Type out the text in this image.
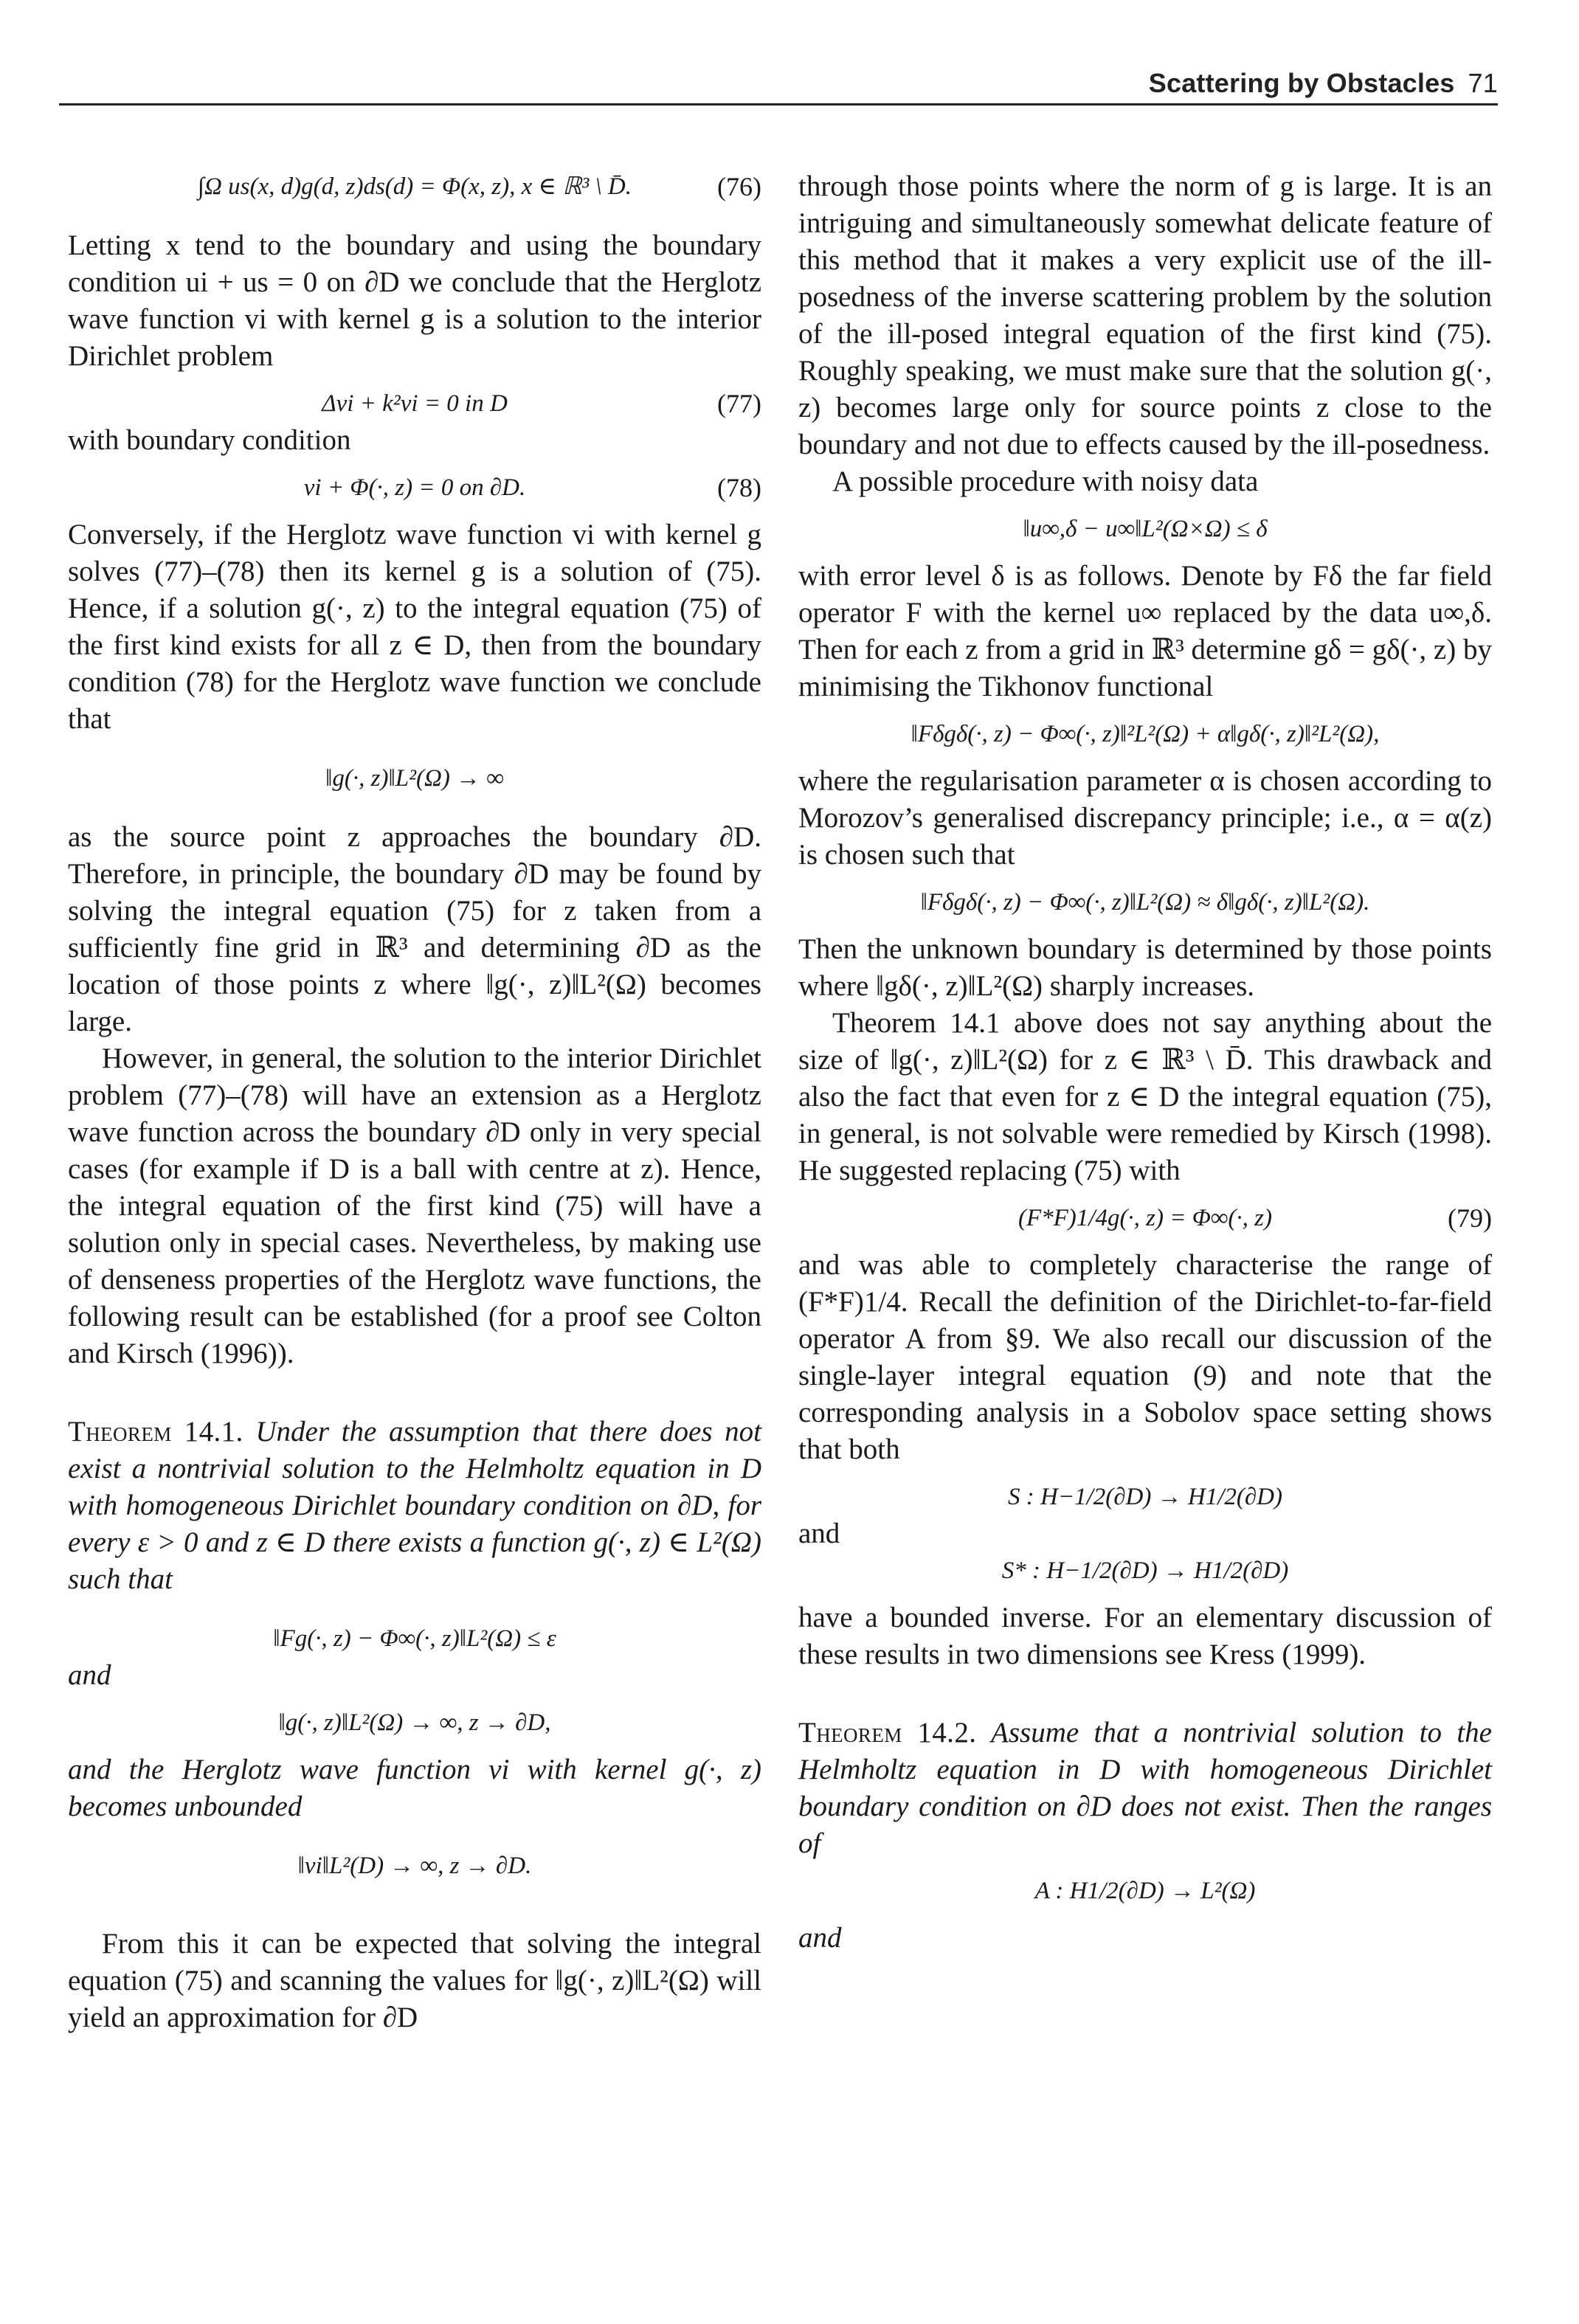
Scattering by Obstacles 71
∫Ω us(x, d)g(d, z)ds(d) = Φ(x, z), x ∈ ℝ³ \ D̄.	(76)

Letting x tend to the boundary and using the boundary condition ui + us = 0 on ∂D we conclude that the Herglotz wave function vi with kernel g is a solution to the interior Dirichlet problem

Δvi + k²vi = 0 in D	(77)

with boundary condition

vi + Φ(·, z) = 0 on ∂D.	(78)

Conversely, if the Herglotz wave function vi with kernel g solves (77)–(78) then its kernel g is a solution of (75). Hence, if a solution g(·, z) to the integral equation (75) of the first kind exists for all z ∈ D, then from the boundary condition (78) for the Herglotz wave function we conclude that

‖g(·, z)‖L²(Ω) → ∞

as the source point z approaches the boundary ∂D. Therefore, in principle, the boundary ∂D may be found by solving the integral equation (75) for z taken from a sufficiently fine grid in ℝ³ and determining ∂D as the location of those points z where ‖g(·, z)‖L²(Ω) becomes large.

However, in general, the solution to the interior Dirichlet problem (77)–(78) will have an extension as a Herglotz wave function across the boundary ∂D only in very special cases (for example if D is a ball with centre at z). Hence, the integral equation of the first kind (75) will have a solution only in special cases. Nevertheless, by making use of denseness properties of the Herglotz wave functions, the following result can be established (for a proof see Colton and Kirsch (1996)).

Theorem 14.1. Under the assumption that there does not exist a nontrivial solution to the Helmholtz equation in D with homogeneous Dirichlet boundary condition on ∂D, for every ε > 0 and z ∈ D there exists a function g(·, z) ∈ L²(Ω) such that

‖Fg(·, z) − Φ∞(·, z)‖L²(Ω) ≤ ε

and

‖g(·, z)‖L²(Ω) → ∞, z → ∂D,

and the Herglotz wave function vi with kernel g(·, z) becomes unbounded

‖vi‖L²(D) → ∞, z → ∂D.

From this it can be expected that solving the integral equation (75) and scanning the values for ‖g(·, z)‖L²(Ω) will yield an approximation for ∂D

through those points where the norm of g is large. It is an intriguing and simultaneously somewhat delicate feature of this method that it makes a very explicit use of the ill-posedness of the inverse scattering problem by the solution of the ill-posed integral equation of the first kind (75). Roughly speaking, we must make sure that the solution g(·, z) becomes large only for source points z close to the boundary and not due to effects caused by the ill-posedness.

A possible procedure with noisy data

‖u∞,δ − u∞‖L²(Ω×Ω) ≤ δ

with error level δ is as follows. Denote by Fδ the far field operator F with the kernel u∞ replaced by the data u∞,δ. Then for each z from a grid in ℝ³ determine gδ = gδ(·, z) by minimising the Tikhonov functional

‖Fδgδ(·, z) − Φ∞(·, z)‖²L²(Ω) + α‖gδ(·, z)‖²L²(Ω),

where the regularisation parameter α is chosen according to Morozov’s generalised discrepancy principle; i.e., α = α(z) is chosen such that

‖Fδgδ(·, z) − Φ∞(·, z)‖L²(Ω) ≈ δ‖gδ(·, z)‖L²(Ω).

Then the unknown boundary is determined by those points where ‖gδ(·, z)‖L²(Ω) sharply increases.

Theorem 14.1 above does not say anything about the size of ‖g(·, z)‖L²(Ω) for z ∈ ℝ³ \ D̄. This drawback and also the fact that even for z ∈ D the integral equation (75), in general, is not solvable were remedied by Kirsch (1998). He suggested replacing (75) with

(F*F)1/4g(·, z) = Φ∞(·, z)	(79)

and was able to completely characterise the range of (F*F)1/4. Recall the definition of the Dirichlet-to-far-field operator A from §9. We also recall our discussion of the single-layer integral equation (9) and note that the corresponding analysis in a Sobolov space setting shows that both

S : H−1/2(∂D) → H1/2(∂D)

and

S* : H−1/2(∂D) → H1/2(∂D)

have a bounded inverse. For an elementary discussion of these results in two dimensions see Kress (1999).

Theorem 14.2. Assume that a nontrivial solution to the Helmholtz equation in D with homogeneous Dirichlet boundary condition on ∂D does not exist. Then the ranges of

A : H1/2(∂D) → L²(Ω)

and
